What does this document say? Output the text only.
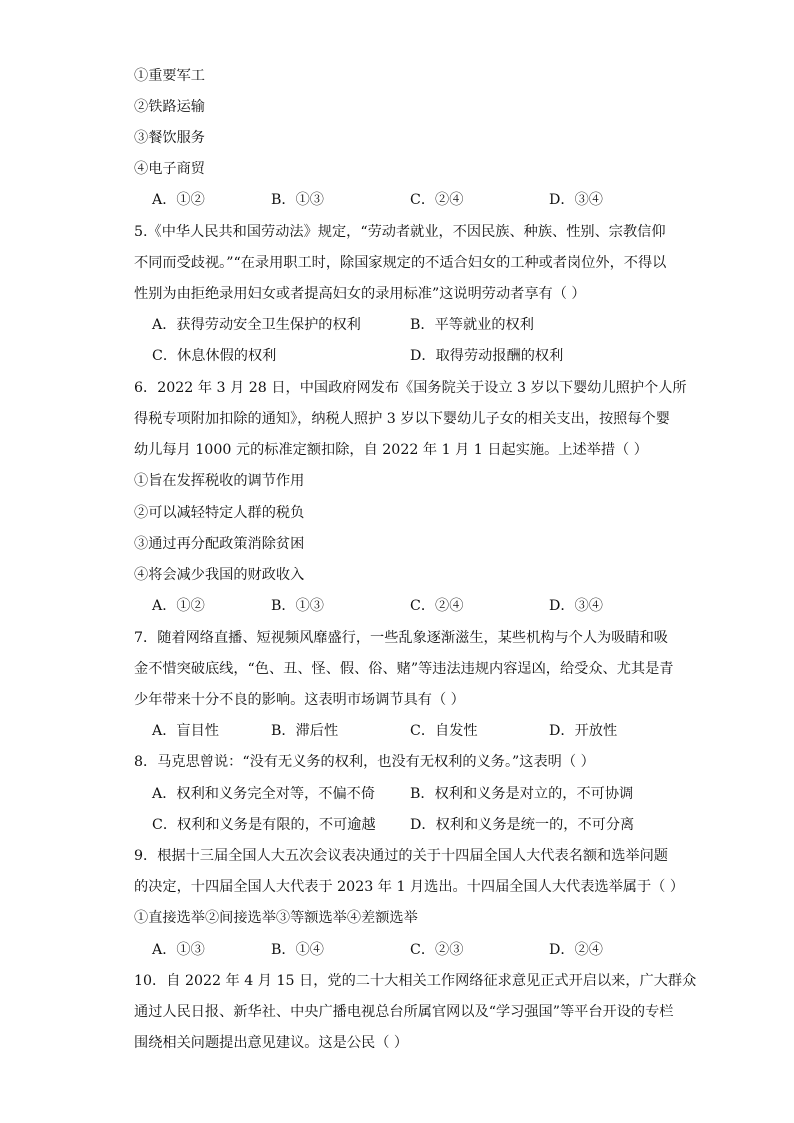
①重要军工
②铁路运输
③餐饮服务
④电子商贸
A．①②	B．①③	C．②④	D．③④
5.《中华人民共和国劳动法》规定，“劳动者就业，不因民族、种族、性别、宗教信仰
不同而受歧视。”“在录用职工时，除国家规定的不适合妇女的工种或者岗位外，不得以
性别为由拒绝录用妇女或者提高妇女的录用标准”这说明劳动者享有（ ）
A．获得劳动安全卫生保护的权利	B．平等就业的权利
C．休息休假的权利	D．取得劳动报酬的权利
6．2022 年 3 月 28 日，中国政府网发布《国务院关于设立 3 岁以下婴幼儿照护个人所
得税专项附加扣除的通知》，纳税人照护 3 岁以下婴幼儿子女的相关支出，按照每个婴
幼儿每月 1000 元的标准定额扣除，自 2022 年 1 月 1 日起实施。上述举措（ ）
①旨在发挥税收的调节作用
②可以减轻特定人群的税负
③通过再分配政策消除贫困
④将会减少我国的财政收入
A．①②	B．①③	C．②④	D．③④
7．随着网络直播、短视频风靡盛行，一些乱象逐渐滋生，某些机构与个人为吸睛和吸
金不惜突破底线，“色、丑、怪、假、俗、赌”等违法违规内容逞凶，给受众、尤其是青
少年带来十分不良的影响。这表明市场调节具有（ ）
A．盲目性	B．滞后性	C．自发性	D．开放性
8．马克思曾说：“没有无义务的权利，也没有无权利的义务。”这表明（ ）
A．权利和义务完全对等，不偏不倚 B．权利和义务是对立的，不可协调
C．权利和义务是有限的，不可逾越 D．权利和义务是统一的，不可分离
9．根据十三届全国人大五次会议表决通过的关于十四届全国人大代表名额和选举问题
的决定，十四届全国人大代表于 2023 年 1 月选出。十四届全国人大代表选举属于（ ）
①直接选举②间接选举③等额选举④差额选举
A．①③	B．①④	C．②③	D．②④
10．自 2022 年 4 月 15 日，党的二十大相关工作网络征求意见正式开启以来，广大群众
通过人民日报、新华社、中央广播电视总台所属官网以及“学习强国”等平台开设的专栏
围绕相关问题提出意见建议。这是公民（ ）
